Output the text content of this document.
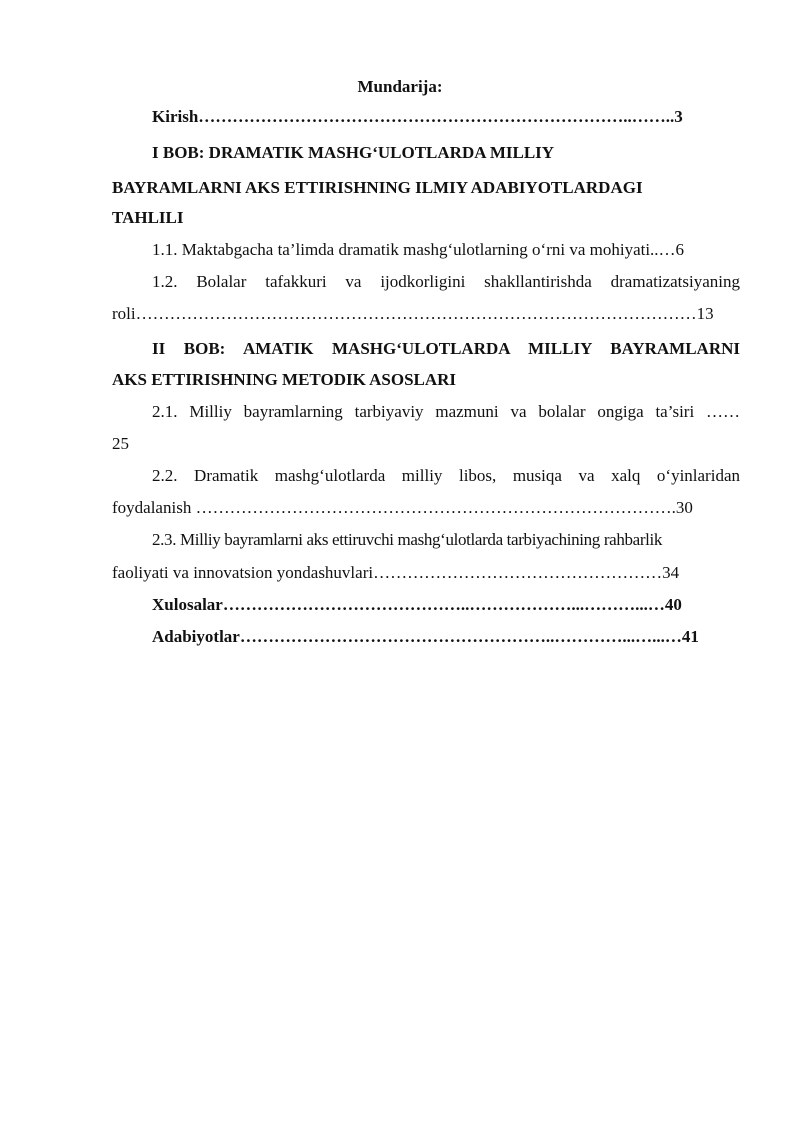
Mundarija:
Kirish…………………………………………………………………..……..3
I BOB: DRAMATIK MASHG‘ULOTLARDA MILLIY
BAYRAMLARNI AKS ETTIRISHNING ILMIY ADABIYOTLARDAGI
TAHLILI
1.1. Maktabgacha ta’limda dramatik mashg‘ulotlarning o‘rni va mohiyati..…6
1.2. Bolalar tafakkuri va ijodkorligini shakllantirishda dramatizatsiyaning
roli………………………………………………………………………………………13
II BOB: AMATIK MASHG‘ULOTLARDA MILLIY BAYRAMLARNI
AKS ETTIRISHNING METODIK ASOSLARI
2.1. Milliy bayramlarning tarbiyaviy mazmuni va bolalar ongiga ta’siri ……
25
2.2. Dramatik mashg‘ulotlarda milliy libos, musiqa va xalq o‘yinlaridan
foydalanish ………………………………………………………………………….30
2.3. Milliy bayramlarni aks ettiruvchi mashg‘ulotlarda tarbiyachining rahbarlik
faoliyati va innovatsion yondashuvlari……………………………………………34
Xulosalar……………………………………..………………...………...…40
Adabiyotlar………………………………………………..…………...…...…41
